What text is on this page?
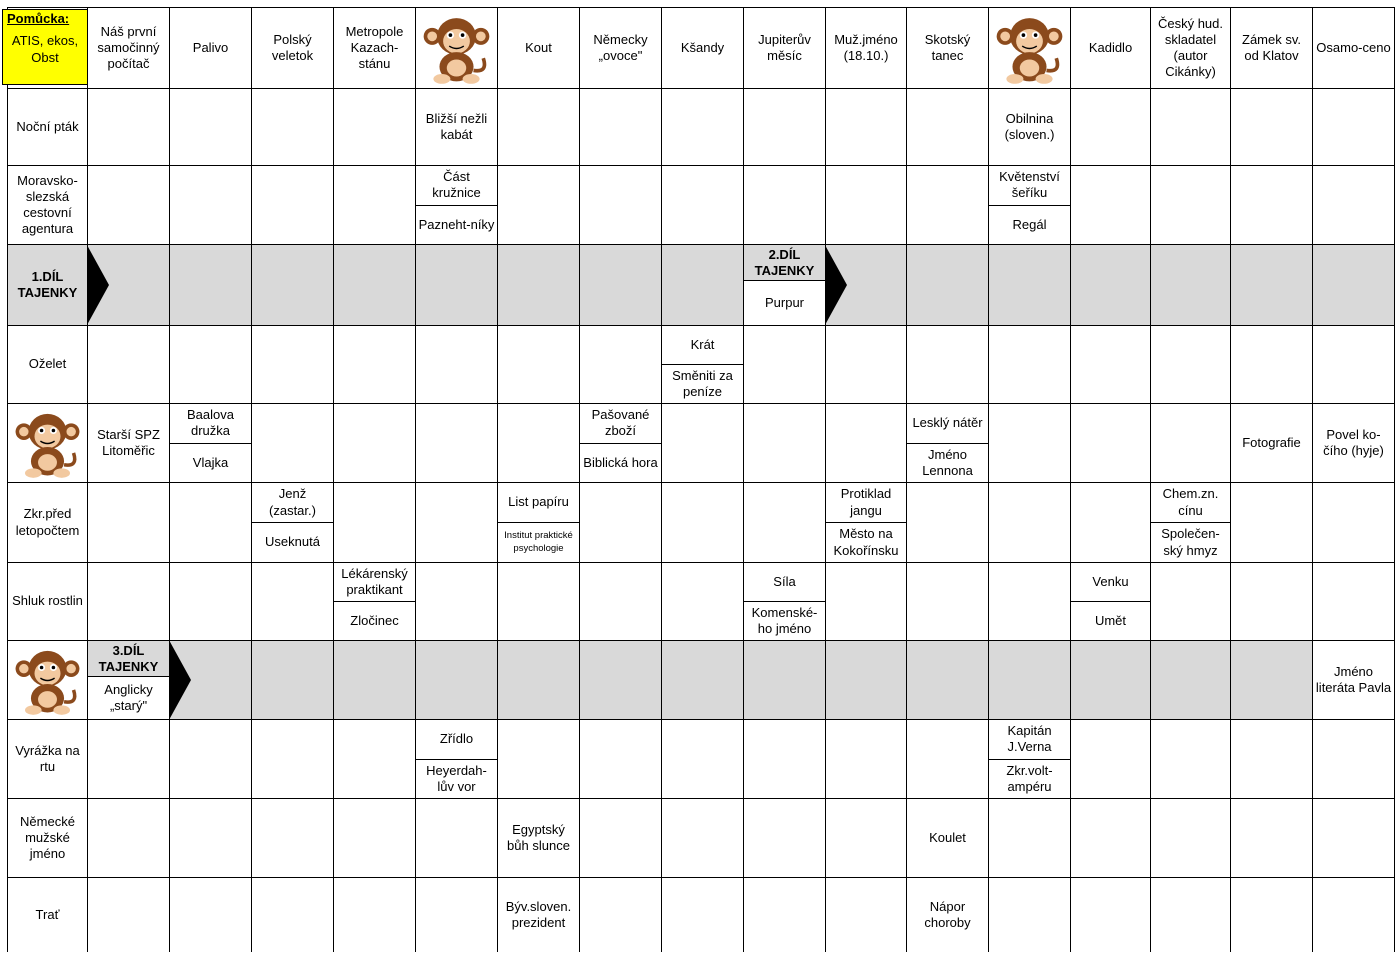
Náš první samočinný počítač
Palivo
Polský veletok
Metropole Kazach-stánu
Kout
Německy „ovoce"
Kšandy
Jupiterův měsíc
Muž.jméno (18.10.)
Skotský tanec
Kadidlo
Český hud. skladatel (autor Cikánky)
Zámek sv. od Klatov
Osamo-ceno
Noční pták
Moravsko-slezská cestovní agentura
Oželet
Zkr.před letopočtem
Shluk rostlin
Vyrážka na rtu
Německé mužské jméno
Trať
Bližší nežli kabát
Obilnina (sloven.)
Část kružnice
Pazneht-níky
Květenství šeříku
Regál
Krát
Směniti za peníze
Starší SPZ Litoměřic
Baalova družka
Vlajka
Pašované zboží
Biblická hora
Lesklý nátěr
Jméno Lennona
Fotografie
Povel ko-čího (hyje)
Jenž (zastar.)
Useknutá
List papíru
Institut praktické psychologie
Protiklad jangu
Město na Kokořínsku
Chem.zn. cínu
Společen-ský hmyz
Lékárenský praktikant
Zločinec
Síla
Komenské-ho jméno
Venku
Umět
Jméno literáta Pavla
Zřídlo
Heyerdah-lův vor
Kapitán J.Verna
Zkr.volt-ampéru
Egyptský bůh slunce
Koulet
Býv.sloven. prezident
Nápor choroby
Pomůcka:
ATIS, ekos, Obst
1.DÍL TAJENKY
2.DÍL TAJENKY
Purpur
3.DÍL TAJENKY
Anglicky „starý"
